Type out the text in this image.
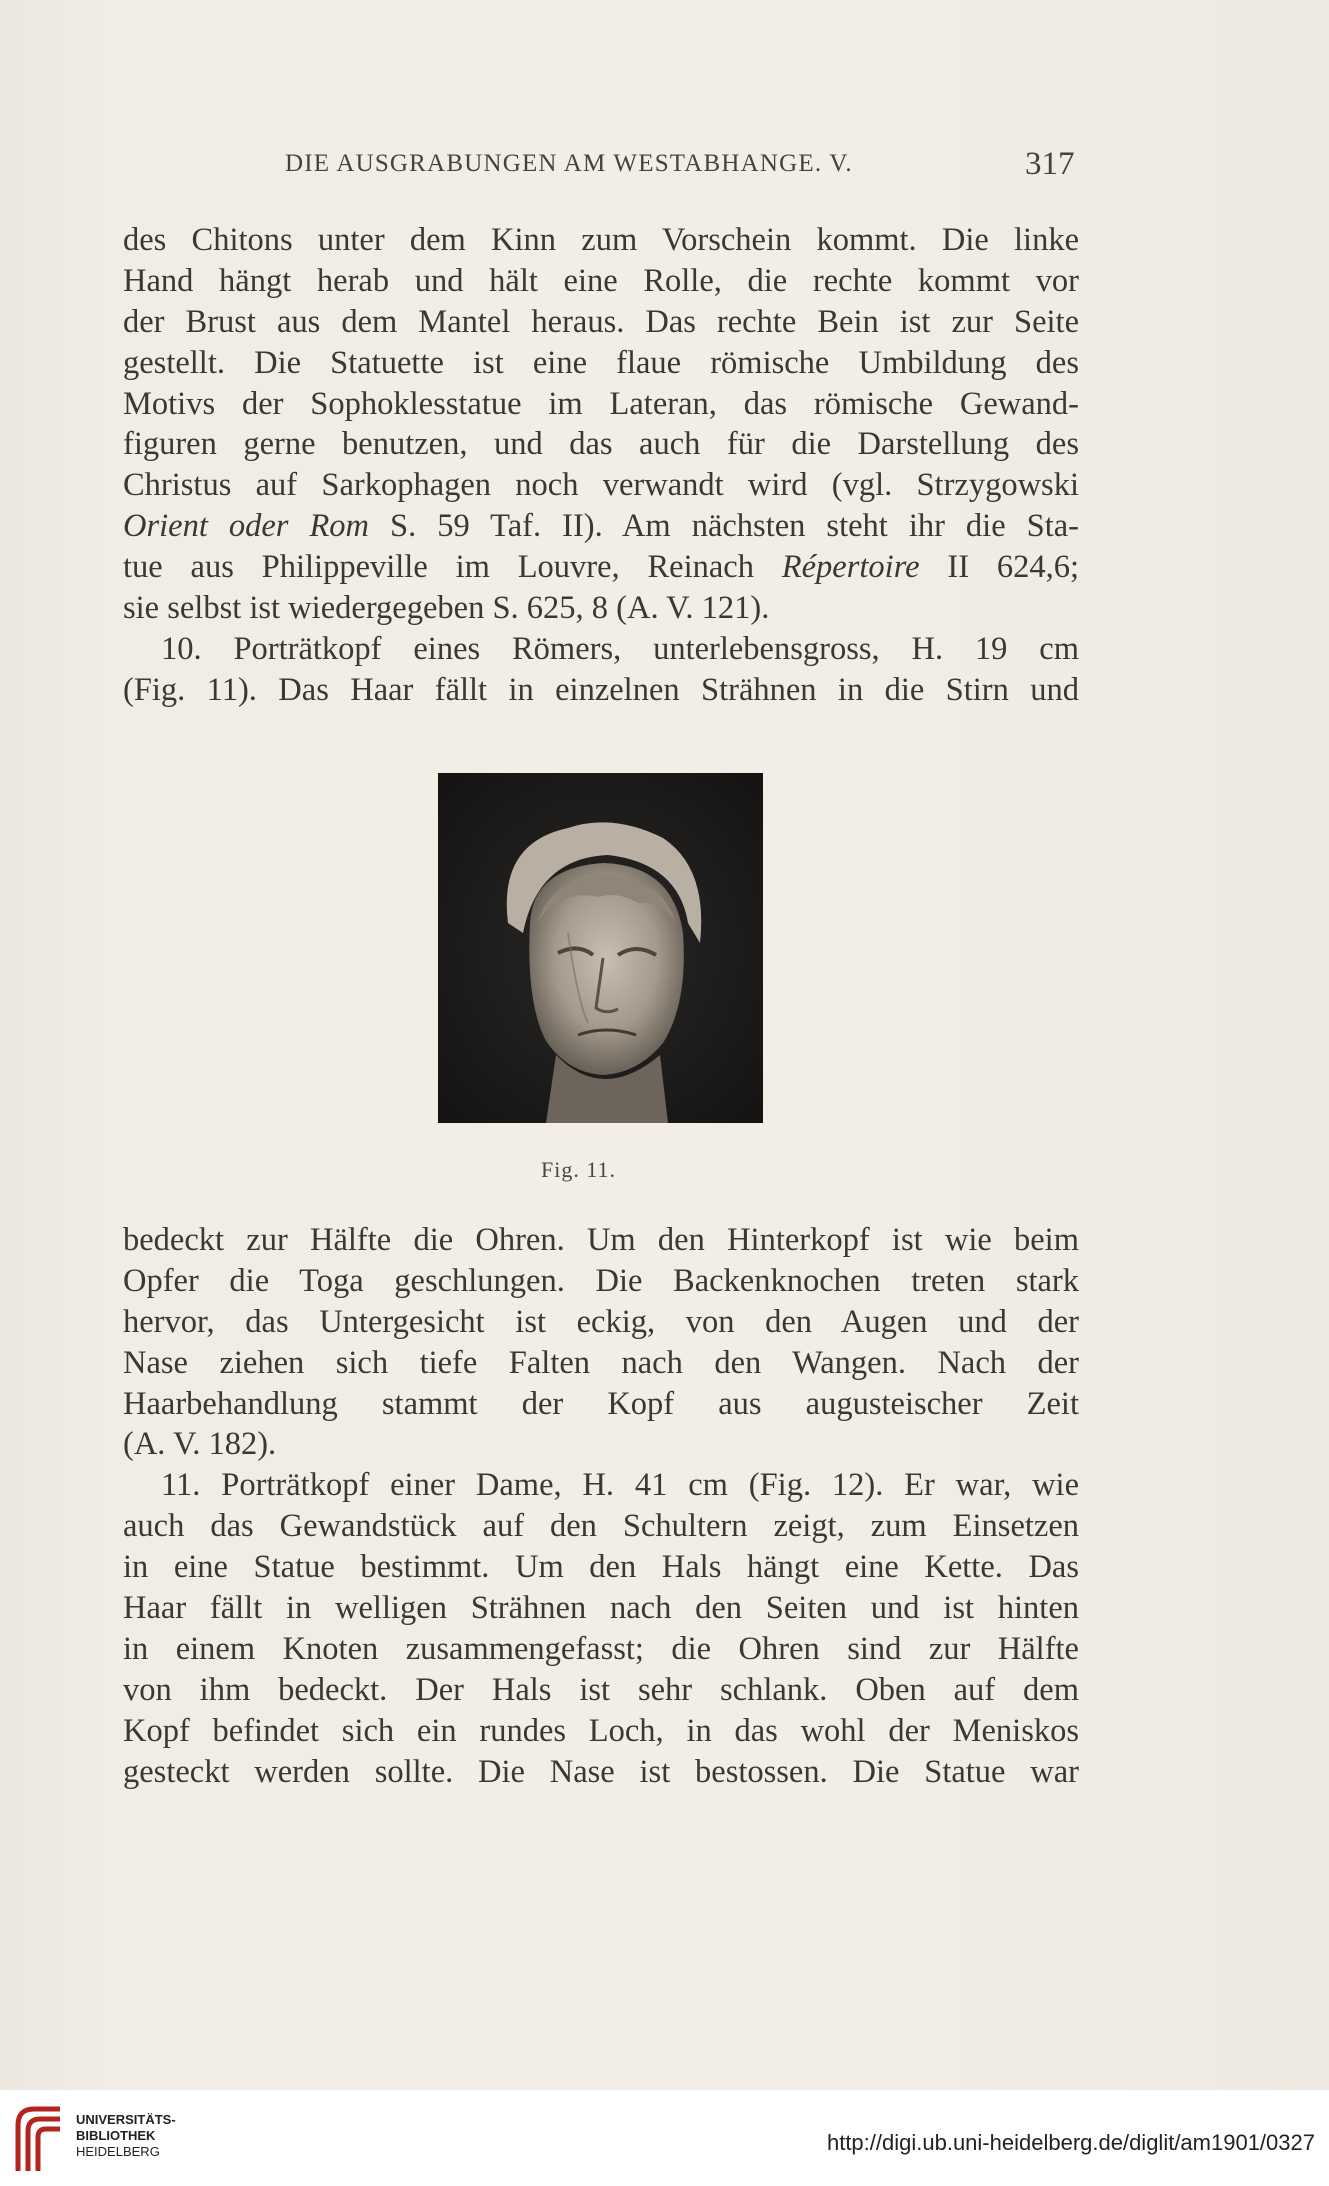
DIE AUSGRABUNGEN AM WESTABHANGE. V.	317
des Chitons unter dem Kinn zum Vorschein kommt. Die linke
Hand hängt herab und hält eine Rolle, die rechte kommt vor
der Brust aus dem Mantel heraus. Das rechte Bein ist zur Seite
gestellt. Die Statuette ist eine flaue römische Umbildung des
Motivs der Sophoklesstatue im Lateran, das römische Gewand-
figuren gerne benutzen, und das auch für die Darstellung des
Christus auf Sarkophagen noch verwandt wird (vgl. Strzygowski
Orient oder Rom S. 59 Taf. II). Am nächsten steht ihr die Sta-
tue aus Philippeville im Louvre, Reinach Répertoire II 624,6;
sie selbst ist wiedergegeben S. 625, 8 (A. V. 121).
10. Porträtkopf eines Römers, unterlebensgross, H. 19 cm
(Fig. 11). Das Haar fällt in einzelnen Strähnen in die Stirn und
Fig. 11.
bedeckt zur Hälfte die Ohren. Um den Hinterkopf ist wie beim
Opfer die Toga geschlungen. Die Backenknochen treten stark
hervor, das Untergesicht ist eckig, von den Augen und der
Nase ziehen sich tiefe Falten nach den Wangen. Nach der
Haarbehandlung stammt der Kopf aus augusteischer Zeit
(A. V. 182).
11. Porträtkopf einer Dame, H. 41 cm (Fig. 12). Er war, wie
auch das Gewandstück auf den Schultern zeigt, zum Einsetzen
in eine Statue bestimmt. Um den Hals hängt eine Kette. Das
Haar fällt in welligen Strähnen nach den Seiten und ist hinten
in einem Knoten zusammengefasst; die Ohren sind zur Hälfte
von ihm bedeckt. Der Hals ist sehr schlank. Oben auf dem
Kopf befindet sich ein rundes Loch, in das wohl der Meniskos
gesteckt werden sollte. Die Nase ist bestossen. Die Statue war
UNIVERSITÄTS-
BIBLIOTHEK
HEIDELBERG	http://digi.ub.uni-heidelberg.de/diglit/am1901/0327
